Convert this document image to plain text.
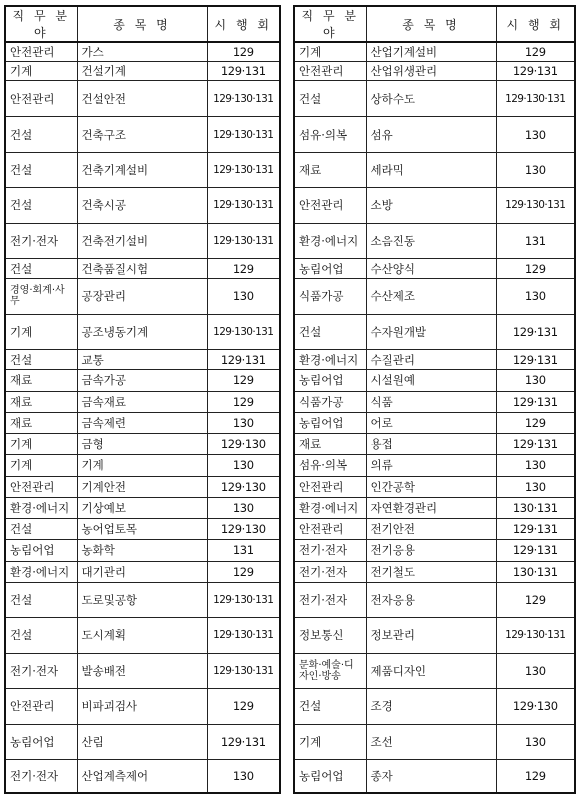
직 무 분 야	종 목 명	시 행 회
안전관리	가스	129
기계	건설기계	129·131
안전관리	건설안전	129·130·131
건설	건축구조	129·130·131
건설	건축기계설비	129·130·131
건설	건축시공	129·130·131
전기·전자	건축전기설비	129·130·131
건설	건축품질시험	129
경영·회계·사무	공장관리	130
기계	공조냉동기계	129·130·131
건설	교통	129·131
재료	금속가공	129
재료	금속재료	129
재료	금속제련	130
기계	금형	129·130
기계	기계	130
안전관리	기계안전	129·130
환경·에너지	기상예보	130
건설	농어업토목	129·130
농림어업	농화학	131
환경·에너지	대기관리	129
건설	도로및공항	129·130·131
건설	도시계획	129·130·131
전기·전자	발송배전	129·130·131
안전관리	비파괴검사	129
농림어업	산림	129·131
전기·전자	산업계측제어	130
직 무 분 야	종 목 명	시 행 회
기계	산업기계설비	129
안전관리	산업위생관리	129·131
건설	상하수도	129·130·131
섬유·의복	섬유	130
재료	세라믹	130
안전관리	소방	129·130·131
환경·에너지	소음진동	131
농림어업	수산양식	129
식품가공	수산제조	130
건설	수자원개발	129·131
환경·에너지	수질관리	129·131
농림어업	시설원예	130
식품가공	식품	129·131
농림어업	어로	129
재료	용접	129·131
섬유·의복	의류	130
안전관리	인간공학	130
환경·에너지	자연환경관리	130·131
안전관리	전기안전	129·131
전기·전자	전기응용	129·131
전기·전자	전기철도	130·131
전기·전자	전자응용	129
정보통신	정보관리	129·130·131
문화·예술·디자인·방송	제품디자인	130
건설	조경	129·130
기계	조선	130
농림어업	종자	129
